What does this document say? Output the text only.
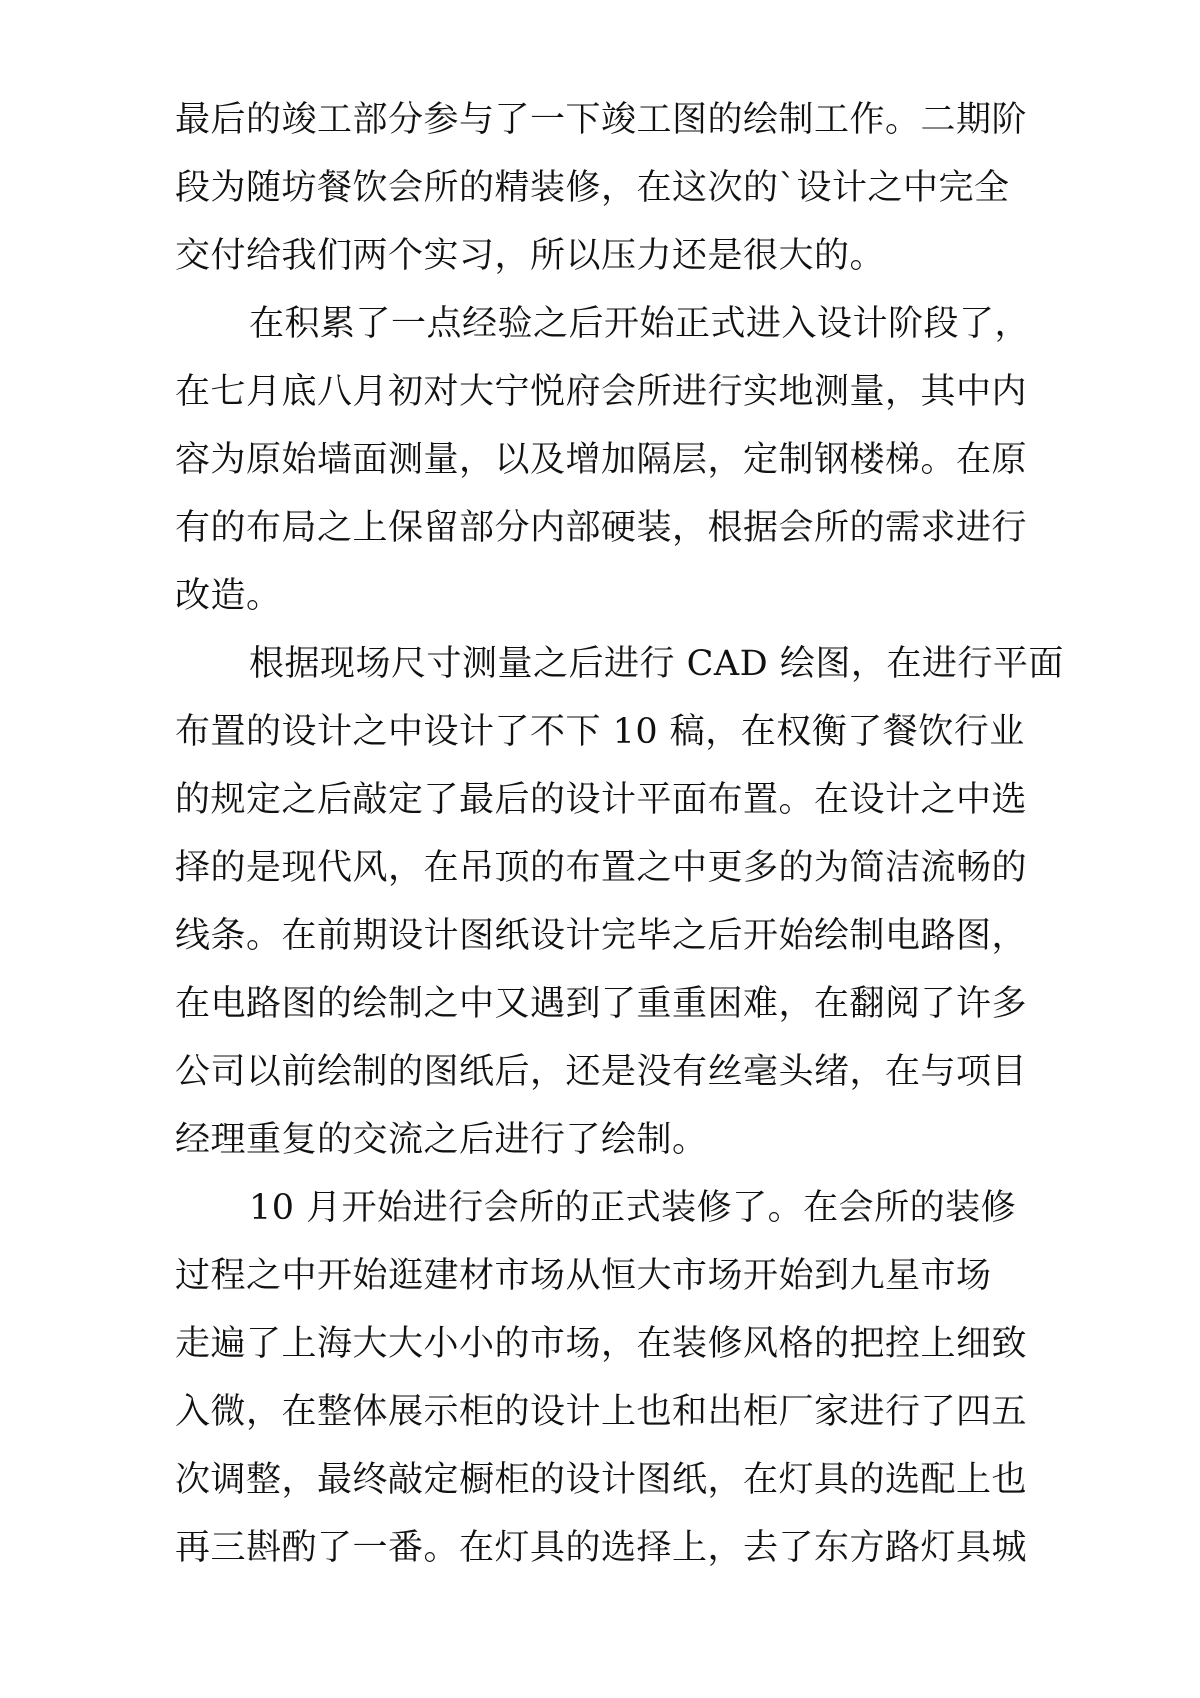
最后的竣工部分参与了一下竣工图的绘制工作。二期阶
段为随坊餐饮会所的精装修，在这次的`设计之中完全
交付给我们两个实习，所以压力还是很大的。
在积累了一点经验之后开始正式进入设计阶段了，
在七月底八月初对大宁悦府会所进行实地测量，其中内
容为原始墙面测量，以及增加隔层，定制钢楼梯。在原
有的布局之上保留部分内部硬装，根据会所的需求进行
改造。
根据现场尺寸测量之后进行 CAD 绘图，在进行平面
布置的设计之中设计了不下 10 稿，在权衡了餐饮行业
的规定之后敲定了最后的设计平面布置。在设计之中选
择的是现代风，在吊顶的布置之中更多的为简洁流畅的
线条。在前期设计图纸设计完毕之后开始绘制电路图，
在电路图的绘制之中又遇到了重重困难，在翻阅了许多
公司以前绘制的图纸后，还是没有丝毫头绪，在与项目
经理重复的交流之后进行了绘制。
10 月开始进行会所的正式装修了。在会所的装修
过程之中开始逛建材市场从恒大市场开始到九星市场
走遍了上海大大小小的市场，在装修风格的把控上细致
入微，在整体展示柜的设计上也和出柜厂家进行了四五
次调整，最终敲定橱柜的设计图纸，在灯具的选配上也
再三斟酌了一番。在灯具的选择上，去了东方路灯具城
